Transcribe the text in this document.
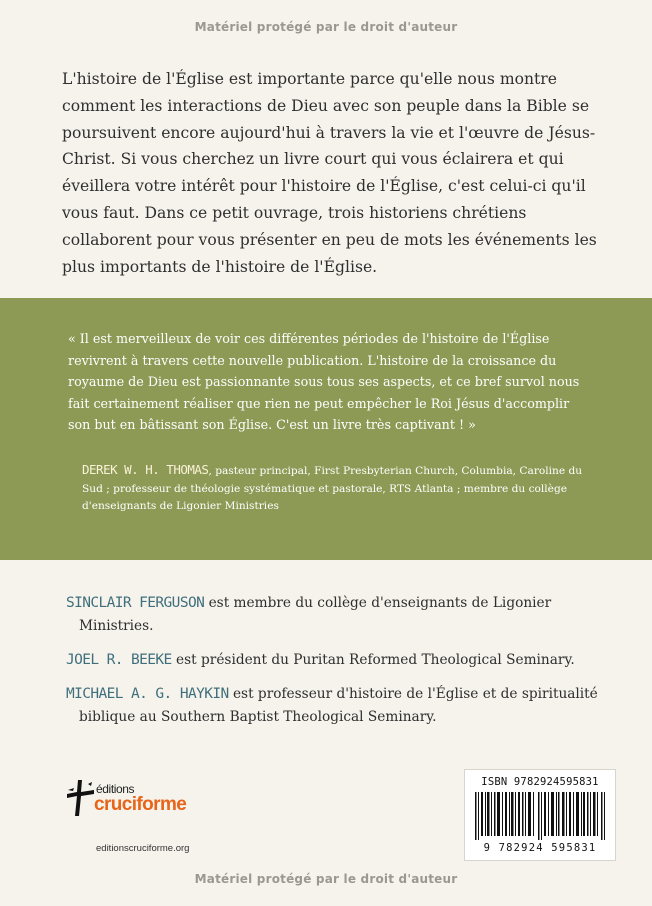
Matériel protégé par le droit d'auteur

L'histoire de l'Église est importante parce qu'elle nous montre comment les interactions de Dieu avec son peuple dans la Bible se poursuivent encore aujourd'hui à travers la vie et l'œuvre de Jésus-Christ. Si vous cherchez un livre court qui vous éclairera et qui éveillera votre intérêt pour l'histoire de l'Église, c'est celui-ci qu'il vous faut. Dans ce petit ouvrage, trois historiens chrétiens collaborent pour vous présenter en peu de mots les événements les plus importants de l'histoire de l'Église.

« Il est merveilleux de voir ces différentes périodes de l'histoire de l'Église revivrent à travers cette nouvelle publication. L'histoire de la croissance du royaume de Dieu est passionnante sous tous ses aspects, et ce bref survol nous fait certainement réaliser que rien ne peut empêcher le Roi Jésus d'accomplir son but en bâtissant son Église. C'est un livre très captivant ! »

DEREK W. H. THOMAS, pasteur principal, First Presbyterian Church, Columbia, Caroline du Sud ; professeur de théologie systématique et pastorale, RTS Atlanta ; membre du collège d'enseignants de Ligonier Ministries

SINCLAIR FERGUSON est membre du collège d'enseignants de Ligonier Ministries.

JOEL R. BEEKE est président du Puritan Reformed Theological Seminary.

MICHAEL A. G. HAYKIN est professeur d'histoire de l'Église et de spiritualité biblique au Southern Baptist Theological Seminary.

éditions
cruciforme
editionscruciforme.org
ISBN 9782924595831
9 782924 595831
Matériel protégé par le droit d'auteur
